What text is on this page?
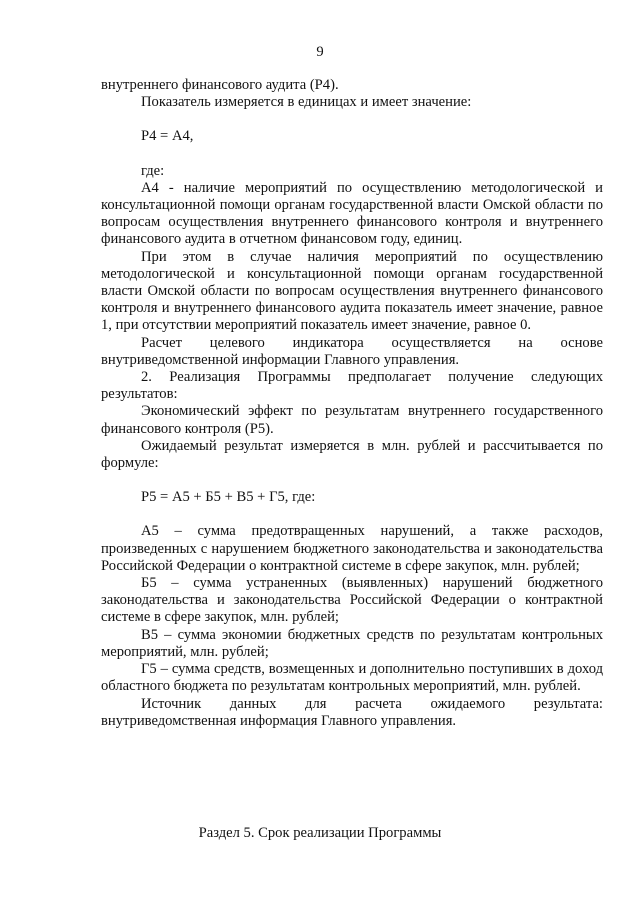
9

внутреннего финансового аудита (Р4).

Показатель измеряется в единицах и имеет значение:

Р4 = А4,

где:

А4 - наличие мероприятий по осуществлению методологической и консультационной помощи органам государственной власти Омской области по вопросам осуществления внутреннего финансового контроля и внутреннего финансового аудита в отчетном финансовом году, единиц.

При этом в случае наличия мероприятий по осуществлению методологической и консультационной помощи органам государственной власти Омской области по вопросам осуществления внутреннего финансового контроля и внутреннего финансового аудита показатель имеет значение, равное 1, при отсутствии мероприятий показатель имеет значение, равное 0.

Расчет целевого индикатора осуществляется на основе внутриведомственной информации Главного управления.

2. Реализация Программы предполагает получение следующих результатов:

Экономический эффект по результатам внутреннего государственного финансового контроля (Р5).

Ожидаемый результат измеряется в млн. рублей и рассчитывается по формуле:

Р5 = А5 + Б5 + В5 + Г5, где:

А5 – сумма предотвращенных нарушений, а также расходов, произведенных с нарушением бюджетного законодательства и законодательства Российской Федерации о контрактной системе в сфере закупок, млн. рублей;

Б5 – сумма устраненных (выявленных) нарушений бюджетного законодательства и законодательства Российской Федерации о контрактной системе в сфере закупок, млн. рублей;

В5 – сумма экономии бюджетных средств по результатам контрольных мероприятий, млн. рублей;

Г5 – сумма средств, возмещенных и дополнительно поступивших в доход областного бюджета по результатам контрольных мероприятий, млн. рублей.

Источник данных для расчета ожидаемого результата: внутриведомственная информация Главного управления.

Раздел 5. Срок реализации Программы
